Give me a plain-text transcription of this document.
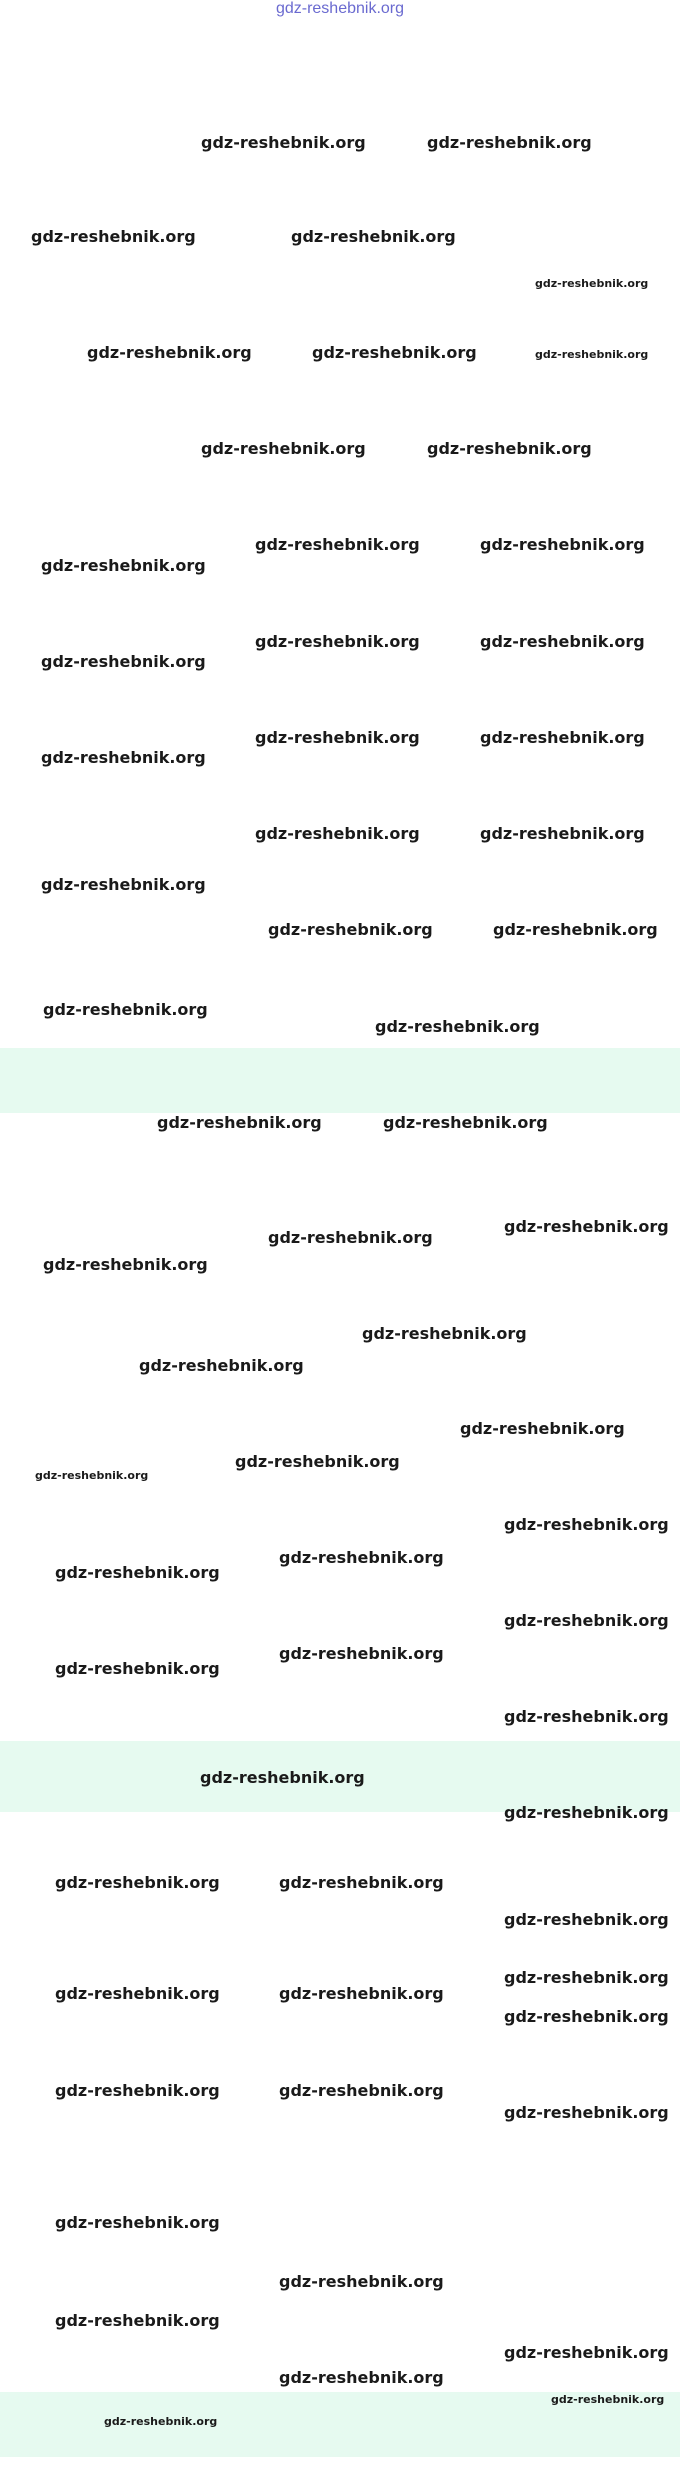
gdz-reshebnik.org
gdz-reshebnik.org	gdz-reshebnik.org
gdz-reshebnik.org	gdz-reshebnik.org
gdz-reshebnik.org
gdz-reshebnik.org	gdz-reshebnik.org	gdz-reshebnik.org
gdz-reshebnik.org	gdz-reshebnik.org
gdz-reshebnik.org	gdz-reshebnik.org
gdz-reshebnik.org
gdz-reshebnik.org	gdz-reshebnik.org
gdz-reshebnik.org
gdz-reshebnik.org	gdz-reshebnik.org
gdz-reshebnik.org
gdz-reshebnik.org	gdz-reshebnik.org
gdz-reshebnik.org
gdz-reshebnik.org	gdz-reshebnik.org
gdz-reshebnik.org
gdz-reshebnik.org
gdz-reshebnik.org	gdz-reshebnik.org
gdz-reshebnik.org
gdz-reshebnik.org
gdz-reshebnik.org
gdz-reshebnik.org
gdz-reshebnik.org
gdz-reshebnik.org
gdz-reshebnik.org
gdz-reshebnik.org
gdz-reshebnik.org
gdz-reshebnik.org
gdz-reshebnik.org
gdz-reshebnik.org
gdz-reshebnik.org
gdz-reshebnik.org
gdz-reshebnik.org
gdz-reshebnik.org
gdz-reshebnik.org
gdz-reshebnik.org	gdz-reshebnik.org
gdz-reshebnik.org
gdz-reshebnik.org
gdz-reshebnik.org	gdz-reshebnik.org
gdz-reshebnik.org
gdz-reshebnik.org	gdz-reshebnik.org
gdz-reshebnik.org
gdz-reshebnik.org
gdz-reshebnik.org
gdz-reshebnik.org
gdz-reshebnik.org
gdz-reshebnik.org
gdz-reshebnik.org
gdz-reshebnik.org
